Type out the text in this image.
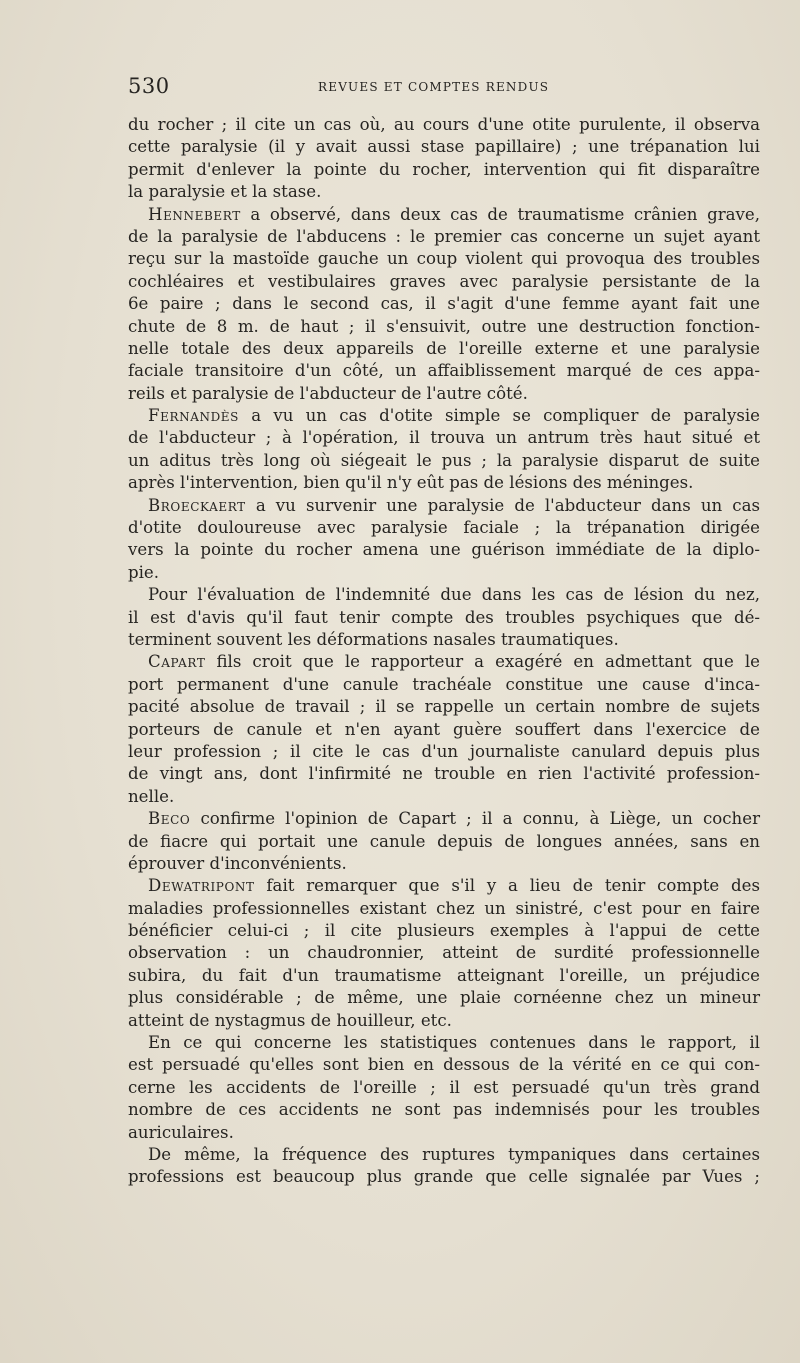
530	REVUES ET COMPTES RENDUS
du rocher ; il cite un cas où, au cours d'une otite purulente, il observa
cette paralysie (il y avait aussi stase papillaire) ; une trépanation lui
permit d'enlever la pointe du rocher, intervention qui fit disparaître
la paralysie et la stase.
Hennebert a observé, dans deux cas de traumatisme crânien grave,
de la paralysie de l'abducens : le premier cas concerne un sujet ayant
reçu sur la mastoïde gauche un coup violent qui provoqua des troubles
cochléaires et vestibulaires graves avec paralysie persistante de la
6e paire ; dans le second cas, il s'agit d'une femme ayant fait une
chute de 8 m. de haut ; il s'ensuivit, outre une destruction fonction-
nelle totale des deux appareils de l'oreille externe et une paralysie
faciale transitoire d'un côté, un affaiblissement marqué de ces appa-
reils et paralysie de l'abducteur de l'autre côté.
Fernandès a vu un cas d'otite simple se compliquer de paralysie
de l'abducteur ; à l'opération, il trouva un antrum très haut situé et
un aditus très long où siégeait le pus ; la paralysie disparut de suite
après l'intervention, bien qu'il n'y eût pas de lésions des méninges.
Broeckaert a vu survenir une paralysie de l'abducteur dans un cas
d'otite douloureuse avec paralysie faciale ; la trépanation dirigée
vers la pointe du rocher amena une guérison immédiate de la diplo-
pie.
Pour l'évaluation de l'indemnité due dans les cas de lésion du nez,
il est d'avis qu'il faut tenir compte des troubles psychiques que dé-
terminent souvent les déformations nasales traumatiques.
Capart fils croit que le rapporteur a exagéré en admettant que le
port permanent d'une canule trachéale constitue une cause d'inca-
pacité absolue de travail ; il se rappelle un certain nombre de sujets
porteurs de canule et n'en ayant guère souffert dans l'exercice de
leur profession ; il cite le cas d'un journaliste canulard depuis plus
de vingt ans, dont l'infirmité ne trouble en rien l'activité profession-
nelle.
Beco confirme l'opinion de Capart ; il a connu, à Liège, un cocher
de fiacre qui portait une canule depuis de longues années, sans en
éprouver d'inconvénients.
Dewatripont fait remarquer que s'il y a lieu de tenir compte des
maladies professionnelles existant chez un sinistré, c'est pour en faire
bénéficier celui-ci ; il cite plusieurs exemples à l'appui de cette
observation : un chaudronnier, atteint de surdité professionnelle
subira, du fait d'un traumatisme atteignant l'oreille, un préjudice
plus considérable ; de même, une plaie cornéenne chez un mineur
atteint de nystagmus de houilleur, etc.
En ce qui concerne les statistiques contenues dans le rapport, il
est persuadé qu'elles sont bien en dessous de la vérité en ce qui con-
cerne les accidents de l'oreille ; il est persuadé qu'un très grand
nombre de ces accidents ne sont pas indemnisés pour les troubles
auriculaires.
De même, la fréquence des ruptures tympaniques dans certaines
professions est beaucoup plus grande que celle signalée par Vues ;
